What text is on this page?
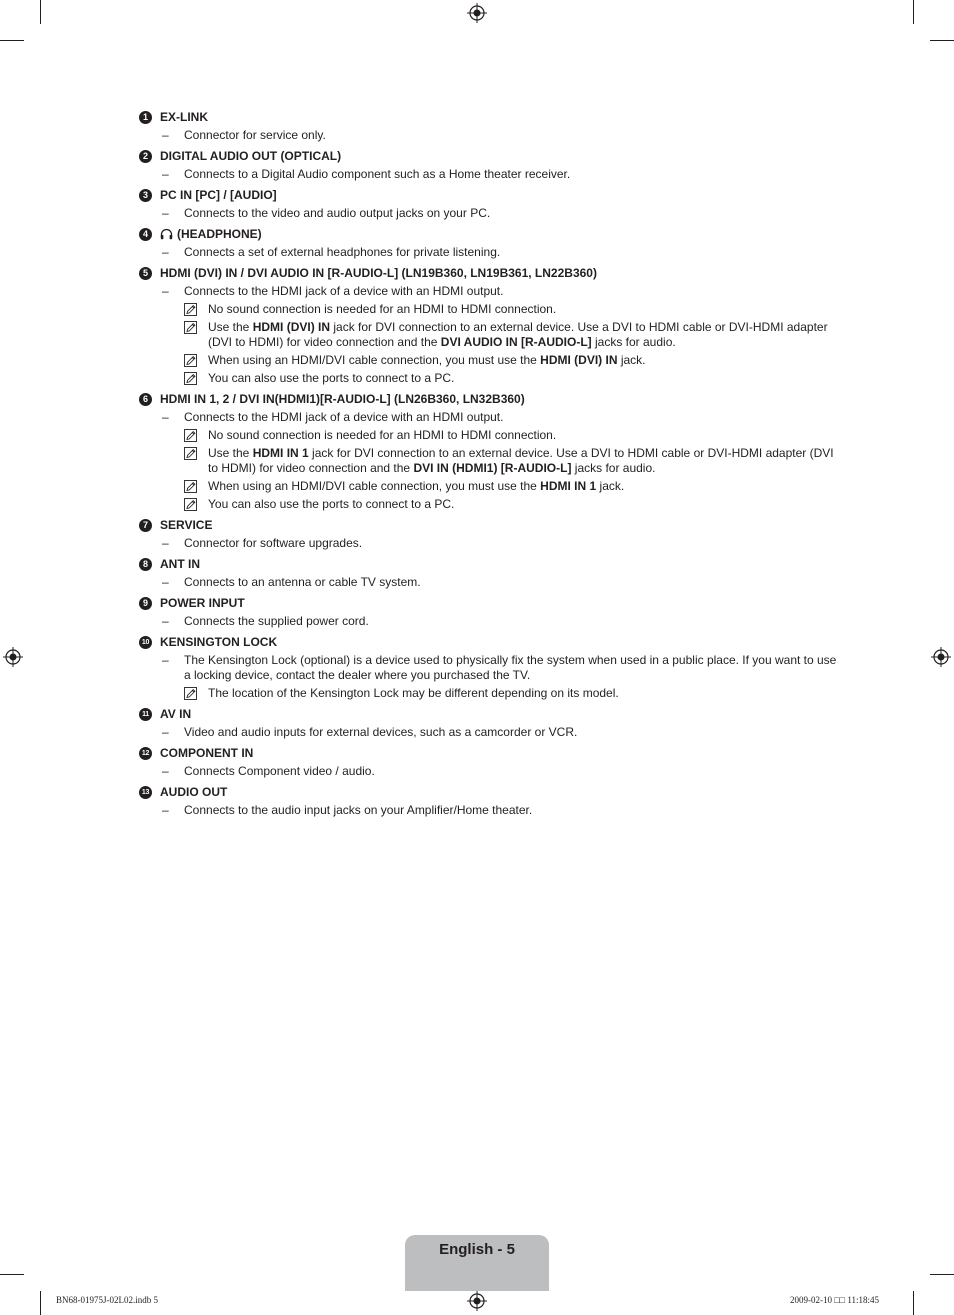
1	EX-LINK
– Connector for service only.
2	DIGITAL AUDIO OUT (OPTICAL)
– Connects to a Digital Audio component such as a Home theater receiver.
3	PC IN [PC] / [AUDIO]
– Connects to the video and audio output jacks on your PC.
4	(HEADPHONE)
– Connects a set of external headphones for private listening.
5	HDMI (DVI) IN / DVI AUDIO IN [R-AUDIO-L] (LN19B360, LN19B361, LN22B360)
– Connects to the HDMI jack of a device with an HDMI output.
No sound connection is needed for an HDMI to HDMI connection.
Use the HDMI (DVI) IN jack for DVI connection to an external device. Use a DVI to HDMI cable or DVI-HDMI adapter (DVI to HDMI) for video connection and the DVI AUDIO IN [R-AUDIO-L] jacks for audio.
When using an HDMI/DVI cable connection, you must use the HDMI (DVI) IN jack.
You can also use the ports to connect to a PC.
6	HDMI IN 1, 2 / DVI IN(HDMI1)[R-AUDIO-L] (LN26B360, LN32B360)
– Connects to the HDMI jack of a device with an HDMI output.
No sound connection is needed for an HDMI to HDMI connection.
Use the HDMI IN 1 jack for DVI connection to an external device. Use a DVI to HDMI cable or DVI-HDMI adapter (DVI to HDMI) for video connection and the DVI IN (HDMI1) [R-AUDIO-L] jacks for audio.
When using an HDMI/DVI cable connection, you must use the HDMI IN 1 jack.
You can also use the ports to connect to a PC.
7	SERVICE
– Connector for software upgrades.
8	ANT IN
– Connects to an antenna or cable TV system.
9	POWER INPUT
– Connects the supplied power cord.
10 KENSINGTON LOCK
– The Kensington Lock (optional) is a device used to physically fix the system when used in a public place. If you want to use a locking device, contact the dealer where you purchased the TV.
The location of the Kensington Lock may be different depending on its model.
11 AV IN
– Video and audio inputs for external devices, such as a camcorder or VCR.
12 COMPONENT IN
– Connects Component video / audio.
13 AUDIO OUT
– Connects to the audio input jacks on your Amplifier/Home theater.
English - 5
BN68-01975J-02L02.indb 5	2009-02-10 □□ 11:18:45
